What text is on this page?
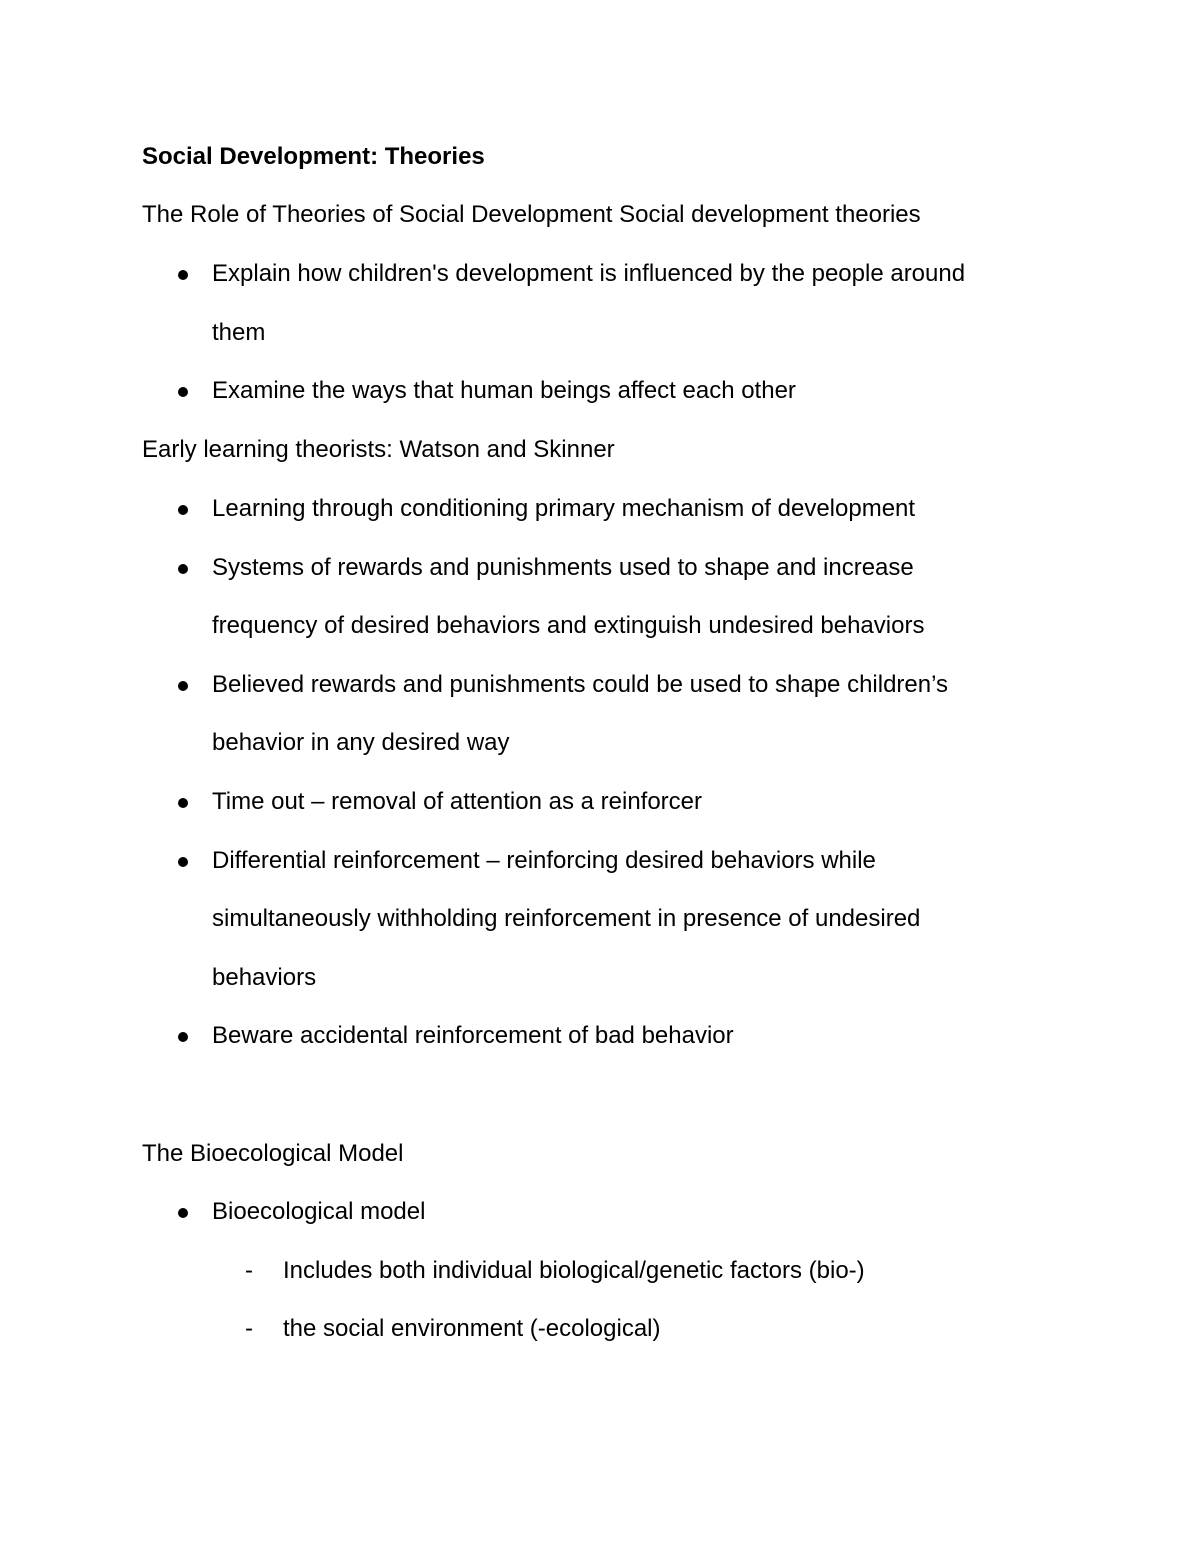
Social Development: Theories
The Role of Theories of Social Development Social development theories
Explain how children's development is influenced by the people around
them
Examine the ways that human beings affect each other
Early learning theorists: Watson and Skinner
Learning through conditioning primary mechanism of development
Systems of rewards and punishments used to shape and increase
frequency of desired behaviors and extinguish undesired behaviors
Believed rewards and punishments could be used to shape children’s
behavior in any desired way
Time out – removal of attention as a reinforcer
Differential reinforcement – reinforcing desired behaviors while
simultaneously withholding reinforcement in presence of undesired
behaviors
Beware accidental reinforcement of bad behavior
The Bioecological Model
Bioecological model
- Includes both individual biological/genetic factors (bio-)
- the social environment (-ecological)
